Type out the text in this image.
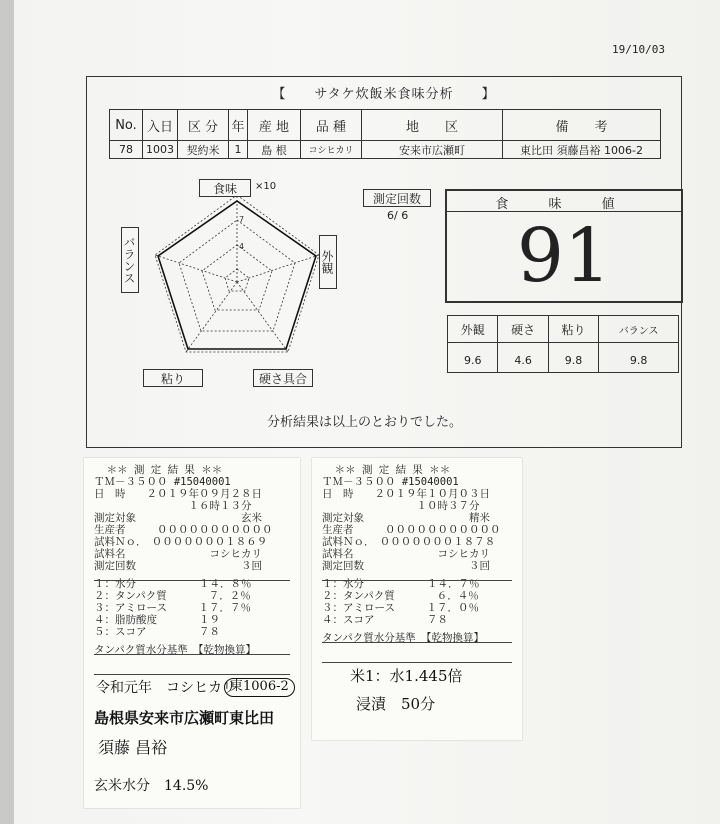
19/10/03
【　　サタケ炊飯米食味分析　　】
No.	入日	区 分	年	産 地	品 種	地　　区	備　　考
78	1003	契約米	1	島 根	コシヒカリ	安来市広瀬町	東比田 須藤昌裕 1006-2
7
4
食味	×10
外観
硬さ具合
粘り
バランス
測定回数
6/ 6
食 味 値
91
外観	硬さ	粘り	バランス
9.6	4.6	9.8	9.8
分析結果は以上のとおりでした。
＊＊ 測 定 結 果 ＊＊
ＴＭ－３５００ #15040001
日　時　　２０１９年０９月２８日
　　　　　　　　　１６時１３分
測定対象　　　　　　　　　　玄米
生産者　　　０００００００００００
試料Ｎｏ．　０００００００１８６９
試料名　　　　　　　　コシヒカリ
測定回数　　　　　　　　　　３回
１：水分　　　　　　１４．８％
２：タンパク質　　　　７．２％
３：アミロース　　　１７．７％
４：脂肪酸度　　　　１９
５：スコア　　　　　７８
タンパク質水分基準　【乾物換算】
令和元年　コシヒカリ
東1006-2
島根県安来市広瀬町東比田
須藤 昌裕
玄米水分　14.5%
＊＊ 測 定 結 果 ＊＊
ＴＭ－３５００ #15040001
日　時　　２０１９年１０月０３日
　　　　　　　　　１０時３７分
測定対象　　　　　　　　　　精米
生産者　　　０００００００００００
試料Ｎｏ．　０００００００１８７８
試料名　　　　　　　　コシヒカリ
測定回数　　　　　　　　　　３回
１：水分　　　　　　１４．７％
２：タンパク質　　　　６．４％
３：アミロース　　　１７．０％
４：スコア　　　　　７８
タンパク質水分基準　【乾物換算】
米1：水1.445倍
浸漬　50分
